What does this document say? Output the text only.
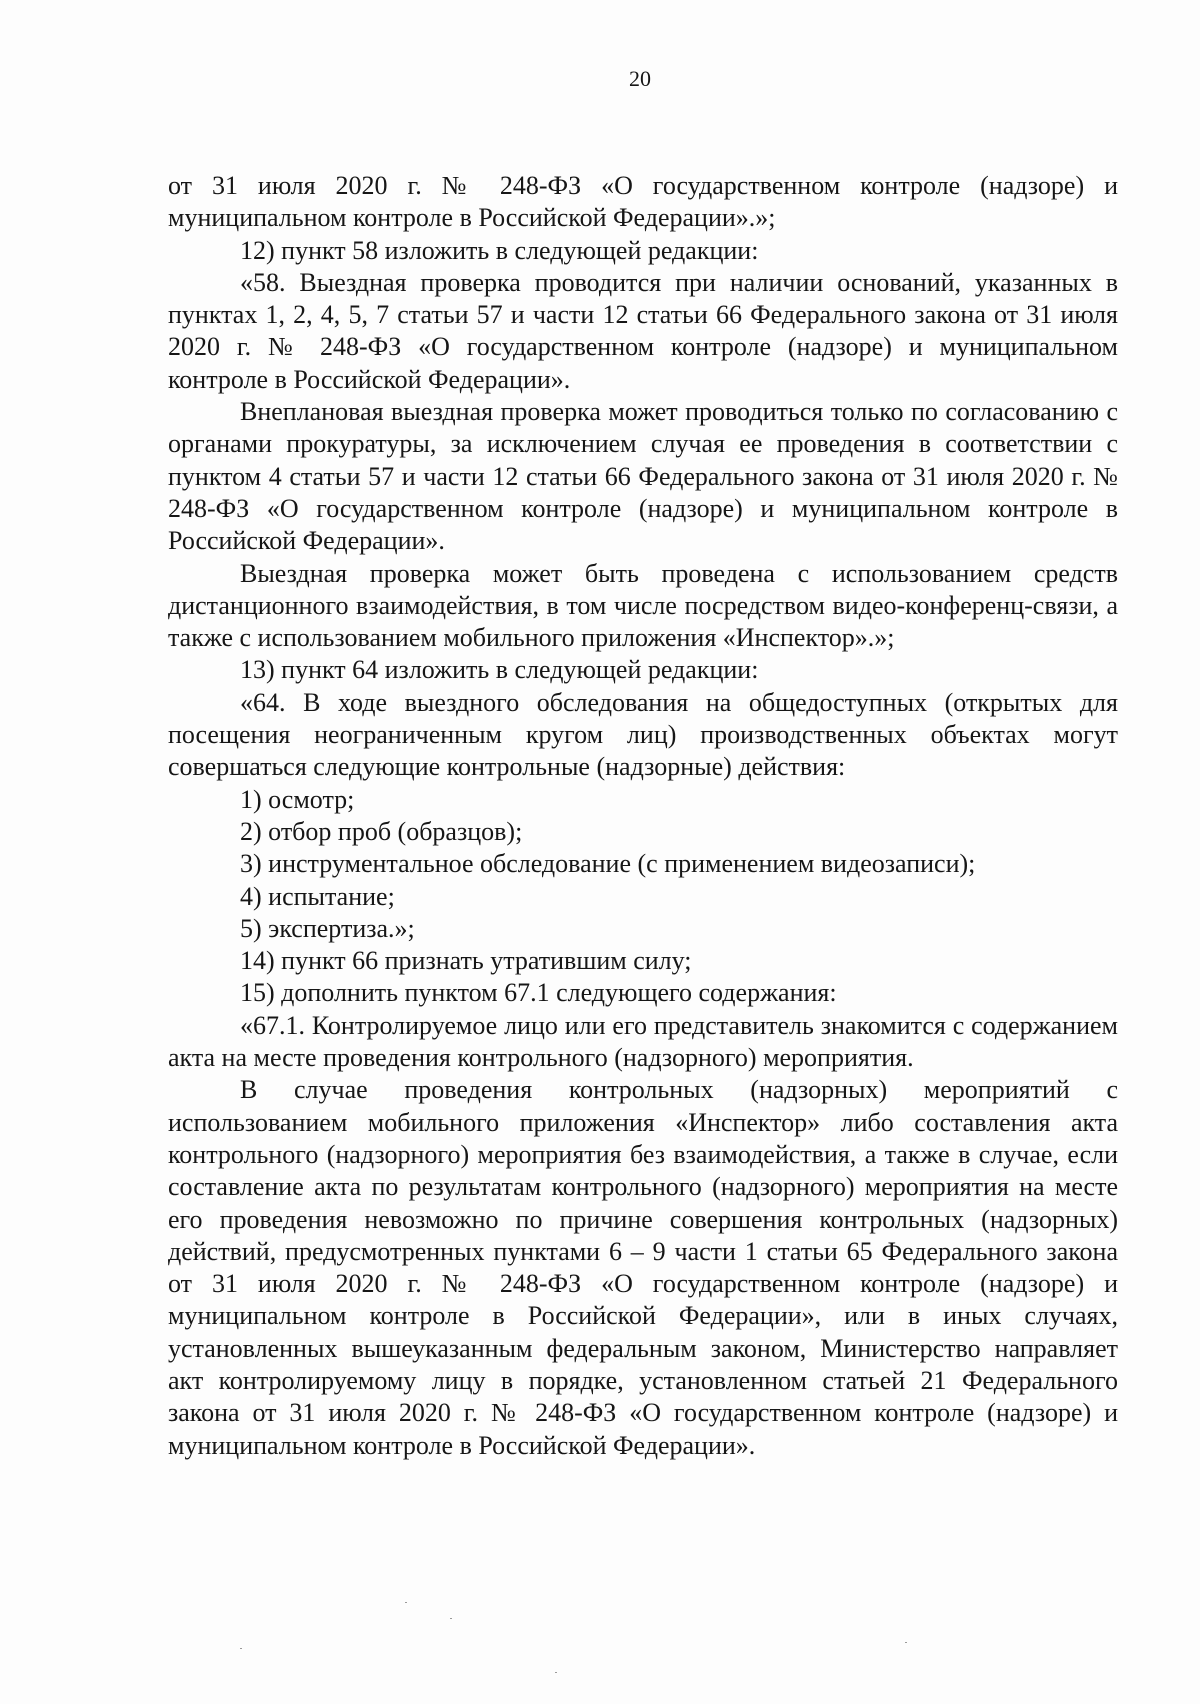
20

от 31 июля 2020 г. № 248-ФЗ «О государственном контроле (надзоре) и муниципальном контроле в Российской Федерации».»;

12) пункт 58 изложить в следующей редакции:

«58. Выездная проверка проводится при наличии оснований, указанных в пунктах 1, 2, 4, 5, 7 статьи 57 и части 12 статьи 66 Федерального закона от 31 июля 2020 г. № 248-ФЗ «О государственном контроле (надзоре) и муниципальном контроле в Российской Федерации».

Внеплановая выездная проверка может проводиться только по согласованию с органами прокуратуры, за исключением случая ее проведения в соответствии с пунктом 4 статьи 57 и части 12 статьи 66 Федерального закона от 31 июля 2020 г. № 248-ФЗ «О государственном контроле (надзоре) и муниципальном контроле в Российской Федерации».

Выездная проверка может быть проведена с использованием средств дистанционного взаимодействия, в том числе посредством видео-конференц-связи, а также с использованием мобильного приложения «Инспектор».»;

13) пункт 64 изложить в следующей редакции:

«64. В ходе выездного обследования на общедоступных (открытых для посещения неограниченным кругом лиц) производственных объектах могут совершаться следующие контрольные (надзорные) действия:

1) осмотр;

2) отбор проб (образцов);

3) инструментальное обследование (с применением видеозаписи);

4) испытание;

5) экспертиза.»;

14) пункт 66 признать утратившим силу;

15) дополнить пунктом 67.1 следующего содержания:

«67.1. Контролируемое лицо или его представитель знакомится с содержанием акта на месте проведения контрольного (надзорного) мероприятия.

В случае проведения контрольных (надзорных) мероприятий с использованием мобильного приложения «Инспектор» либо составления акта контрольного (надзорного) мероприятия без взаимодействия, а также в случае, если составление акта по результатам контрольного (надзорного) мероприятия на месте его проведения невозможно по причине совершения контрольных (надзорных) действий, предусмотренных пунктами 6 – 9 части 1 статьи 65 Федерального закона от 31 июля 2020 г. № 248-ФЗ «О государственном контроле (надзоре) и муниципальном контроле в Российской Федерации», или в иных случаях, установленных вышеуказанным федеральным законом, Министерство направляет акт контролируемому лицу в порядке, установленном статьей 21 Федерального закона от 31 июля 2020 г. № 248-ФЗ «О государственном контроле (надзоре) и муниципальном контроле в Российской Федерации».
